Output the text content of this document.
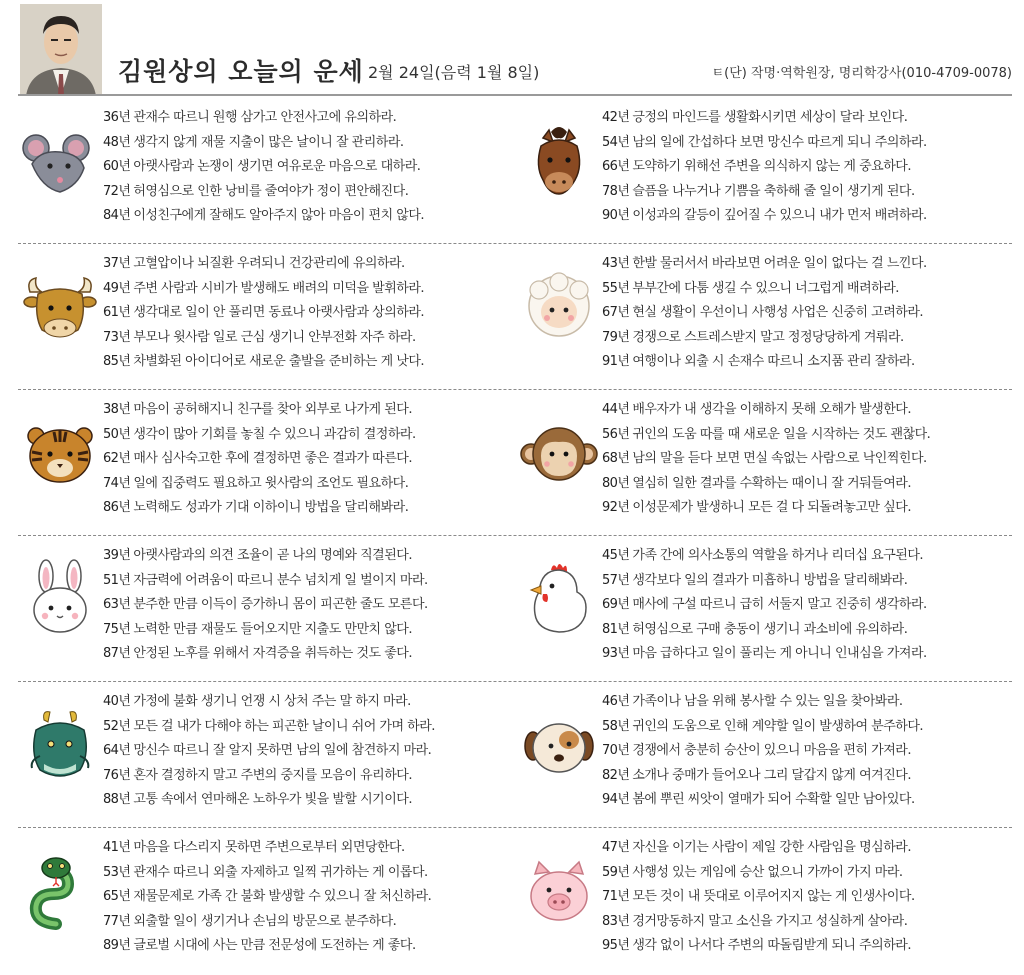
김원상의 오늘의 운세 2월 24일(음력 1월 8일)	ㅌ(단) 작명·역학원장, 명리학강사(010-4709-0078)
36년 관재수 따르니 원행 삼가고 안전사고에 유의하라.
48년 생각지 않게 재물 지출이 많은 날이니 잘 관리하라.
60년 아랫사람과 논쟁이 생기면 여유로운 마음으로 대하라.
72년 허영심으로 인한 낭비를 줄여야가 정이 편안해진다.
84년 이성친구에게 잘해도 알아주지 않아 마음이 편치 않다.
42년 긍정의 마인드를 생활화시키면 세상이 달라 보인다.
54년 남의 일에 간섭하다 보면 망신수 따르게 되니 주의하라.
66년 도약하기 위해선 주변을 의식하지 않는 게 중요하다.
78년 슬픔을 나누거나 기쁨을 축하해 줄 일이 생기게 된다.
90년 이성과의 갈등이 깊어질 수 있으니 내가 먼저 배려하라.
37년 고혈압이나 뇌질환 우려되니 건강관리에 유의하라.
49년 주변 사람과 시비가 발생해도 배려의 미덕을 발휘하라.
61년 생각대로 일이 안 풀리면 동료나 아랫사람과 상의하라.
73년 부모나 윗사람 일로 근심 생기니 안부전화 자주 하라.
85년 차별화된 아이디어로 새로운 출발을 준비하는 게 낫다.
43년 한발 물러서서 바라보면 어려운 일이 없다는 걸 느낀다.
55년 부부간에 다툼 생길 수 있으니 너그럽게 배려하라.
67년 현실 생활이 우선이니 사행성 사업은 신중히 고려하라.
79년 경쟁으로 스트레스받지 말고 정정당당하게 겨뤄라.
91년 여행이나 외출 시 손재수 따르니 소지품 관리 잘하라.
38년 마음이 공허해지니 친구를 찾아 외부로 나가게 된다.
50년 생각이 많아 기회를 놓칠 수 있으니 과감히 결정하라.
62년 매사 심사숙고한 후에 결정하면 좋은 결과가 따른다.
74년 일에 집중력도 필요하고 윗사람의 조언도 필요하다.
86년 노력해도 성과가 기대 이하이니 방법을 달리해봐라.
44년 배우자가 내 생각을 이해하지 못해 오해가 발생한다.
56년 귀인의 도움 따를 때 새로운 일을 시작하는 것도 괜찮다.
68년 남의 말을 듣다 보면 면실 속없는 사람으로 낙인찍힌다.
80년 열심히 일한 결과를 수확하는 때이니 잘 거둬들여라.
92년 이성문제가 발생하니 모든 걸 다 되돌려놓고만 싶다.
39년 아랫사람과의 의견 조율이 곧 나의 명예와 직결된다.
51년 자금력에 어려움이 따르니 분수 넘치게 일 벌이지 마라.
63년 분주한 만큼 이득이 증가하니 몸이 피곤한 줄도 모른다.
75년 노력한 만큼 재물도 들어오지만 지출도 만만치 않다.
87년 안정된 노후를 위해서 자격증을 취득하는 것도 좋다.
45년 가족 간에 의사소통의 역할을 하거나 리더십 요구된다.
57년 생각보다 일의 결과가 미흡하니 방법을 달리해봐라.
69년 매사에 구설 따르니 급히 서둘지 말고 진중히 생각하라.
81년 허영심으로 구매 충동이 생기니 과소비에 유의하라.
93년 마음 급하다고 일이 풀리는 게 아니니 인내심을 가져라.
40년 가정에 불화 생기니 언쟁 시 상처 주는 말 하지 마라.
52년 모든 걸 내가 다해야 하는 피곤한 날이니 쉬어 가며 하라.
64년 망신수 따르니 잘 알지 못하면 남의 일에 참견하지 마라.
76년 혼자 결정하지 말고 주변의 중지를 모음이 유리하다.
88년 고통 속에서 연마해온 노하우가 빛을 발할 시기이다.
46년 가족이나 남을 위해 봉사할 수 있는 일을 찾아봐라.
58년 귀인의 도움으로 인해 계약할 일이 발생하여 분주하다.
70년 경쟁에서 충분히 승산이 있으니 마음을 편히 가져라.
82년 소개나 중매가 들어오나 그리 달갑지 않게 여겨진다.
94년 봄에 뿌린 씨앗이 열매가 되어 수확할 일만 남아있다.
41년 마음을 다스리지 못하면 주변으로부터 외면당한다.
53년 관재수 따르니 외출 자제하고 일찍 귀가하는 게 이롭다.
65년 재물문제로 가족 간 불화 발생할 수 있으니 잘 처신하라.
77년 외출할 일이 생기거나 손님의 방문으로 분주하다.
89년 글로벌 시대에 사는 만큼 전문성에 도전하는 게 좋다.
47년 자신을 이기는 사람이 제일 강한 사람임을 명심하라.
59년 사행성 있는 게임에 승산 없으니 가까이 가지 마라.
71년 모든 것이 내 뜻대로 이루어지지 않는 게 인생사이다.
83년 경거망동하지 말고 소신을 가지고 성실하게 살아라.
95년 생각 없이 나서다 주변의 따돌림받게 되니 주의하라.
